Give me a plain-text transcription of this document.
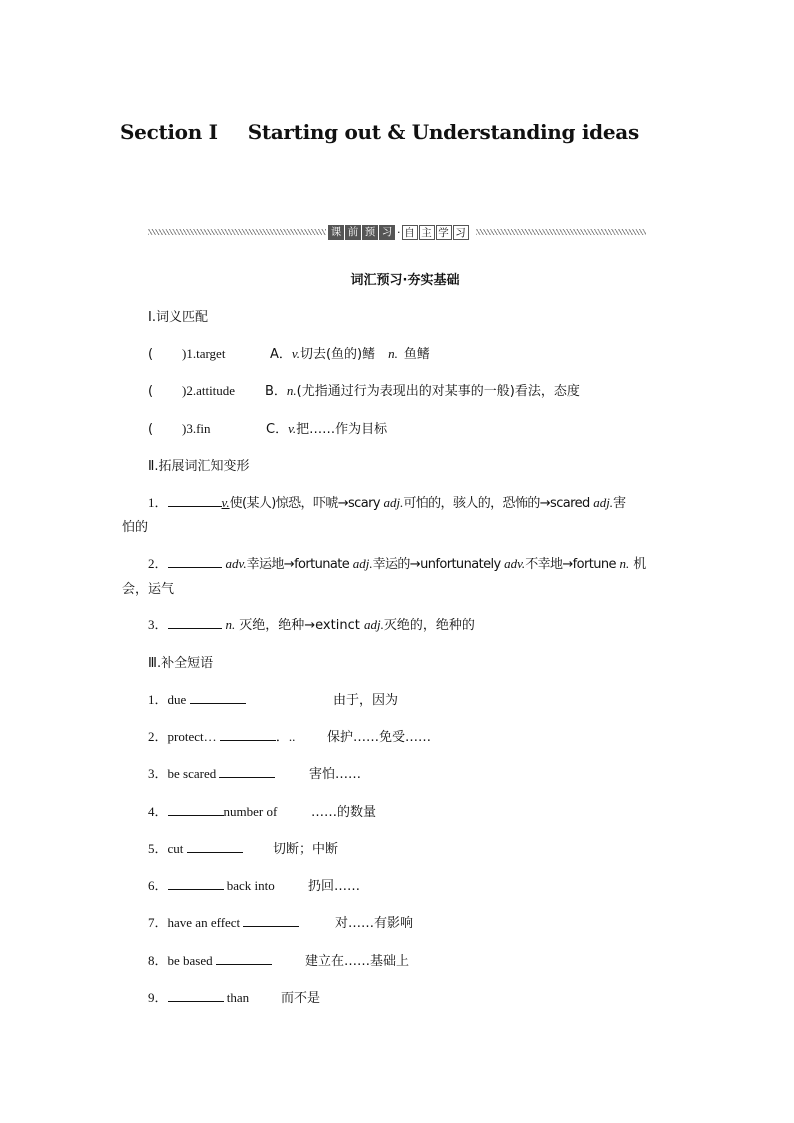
Section Ⅰ Starting out & Understanding ideas
课 前 预 习 · 自 主 学 习
词汇预习·夯实基础
Ⅰ.词义匹配
(　)1.target	A．v.切去(鱼的)鳍　n. 鱼鳍
(　)2.attitude B．n.(尤指通过行为表现出的对某事的一般)看法，态度
(　)3.fin	C．v.把……作为目标
Ⅱ.拓展词汇知变形
1．	v.使(某人)惊恐，吓唬→scary adj.可怕的，骇人的，恐怖的→scared adj.害
怕的
2．	adv.幸运地→fortunate adj.幸运的→unfortunately adv.不幸地→fortune n. 机
会，运气
3．	n. 灭绝，绝种→extinct adj.灭绝的，绝种的
Ⅲ.补全短语
1．due	由于，因为
2．protect…	．.. 保护……免受……
3．be scared	害怕……
4．	number of	……的数量
5．cut	切断；中断
6．	back into	扔回……
7．have an effect	对……有影响
8．be based	建立在……基础上
9．	than 而不是
